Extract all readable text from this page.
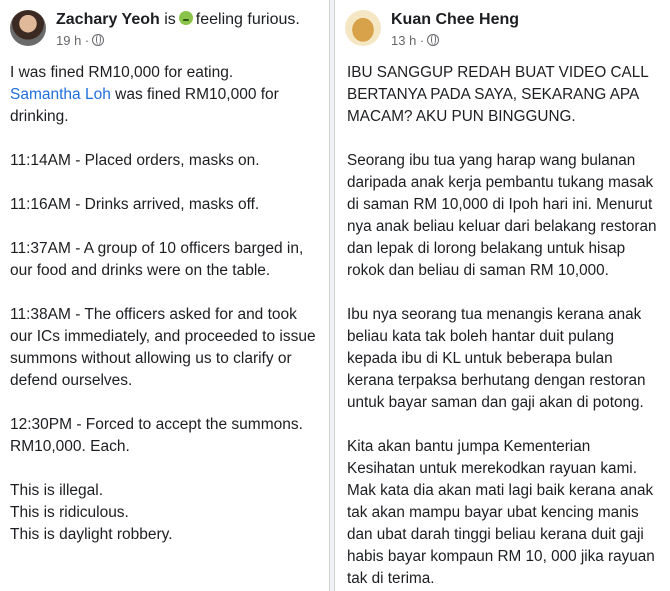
Zachary Yeoh is feeling furious.
19 h ·
I was fined RM10,000 for eating.
Samantha Loh was fined RM10,000 for
drinking.
11:14AM - Placed orders, masks on.
11:16AM - Drinks arrived, masks off.
11:37AM - A group of 10 officers barged in,
our food and drinks were on the table.
11:38AM - The officers asked for and took
our ICs immediately, and proceeded to issue
summons without allowing us to clarify or
defend ourselves.
12:30PM - Forced to accept the summons.
RM10,000. Each.
This is illegal.
This is ridiculous.
This is daylight robbery.
Kuan Chee Heng
13 h ·
IBU SANGGUP REDAH BUAT VIDEO CALL
BERTANYA PADA SAYA, SEKARANG APA
MACAM? AKU PUN BINGGUNG.
Seorang ibu tua yang harap wang bulanan
daripada anak kerja pembantu tukang masak
di saman RM 10,000 di Ipoh hari ini. Menurut
nya anak beliau keluar dari belakang restoran
dan lepak di lorong belakang untuk hisap
rokok dan beliau di saman RM 10,000.
Ibu nya seorang tua menangis kerana anak
beliau kata tak boleh hantar duit pulang
kepada ibu di KL untuk beberapa bulan
kerana terpaksa berhutang dengan restoran
untuk bayar saman dan gaji akan di potong.
Kita akan bantu jumpa Kementerian
Kesihatan untuk merekodkan rayuan kami.
Mak kata dia akan mati lagi baik kerana anak
tak akan mampu bayar ubat kencing manis
dan ubat darah tinggi beliau kerana duit gaji
habis bayar kompaun RM 10, 000 jika rayuan
tak di terima.
